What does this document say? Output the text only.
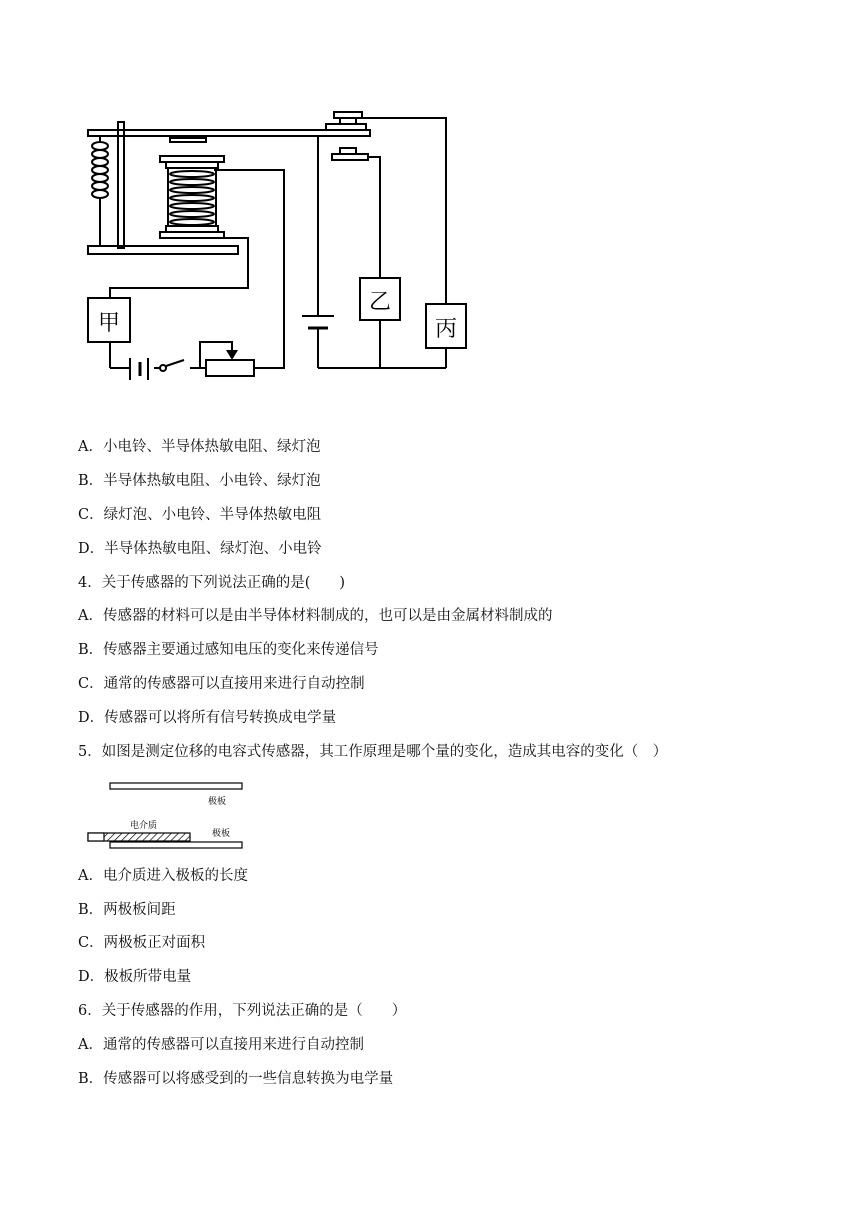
甲
乙
丙
A．小电铃、半导体热敏电阻、绿灯泡
B．半导体热敏电阻、小电铃、绿灯泡
C．绿灯泡、小电铃、半导体热敏电阻
D．半导体热敏电阻、绿灯泡、小电铃
4．关于传感器的下列说法正确的是(　　)
A．传感器的材料可以是由半导体材料制成的，也可以是由金属材料制成的
B．传感器主要通过感知电压的变化来传递信号
C．通常的传感器可以直接用来进行自动控制
D．传感器可以将所有信号转换成电学量
5．如图是测定位移的电容式传感器，其工作原理是哪个量的变化，造成其电容的变化（　）
极板
电介质
极板
A．电介质进入极板的长度
B．两极板间距
C．两极板正对面积
D．极板所带电量
6．关于传感器的作用，下列说法正确的是（　　）
A．通常的传感器可以直接用来进行自动控制
B．传感器可以将感受到的一些信息转换为电学量
